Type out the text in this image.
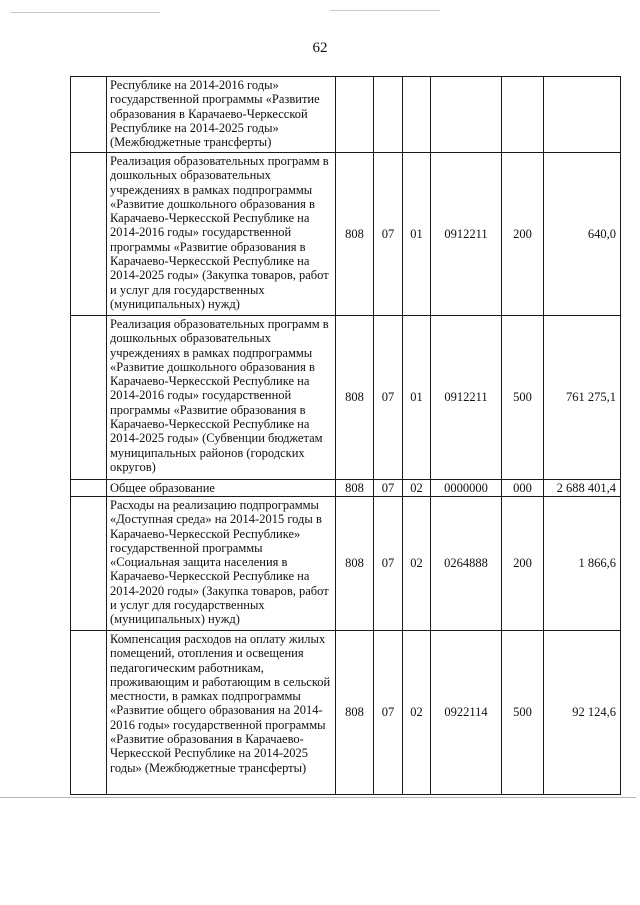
62
	Республике на 2014-2016 годы» государственной программы «Развитие образования в Карачаево-Черкесской Республике на 2014-2025 годы» (Межбюджетные трансферты)						
	Реализация образовательных программ в дошкольных образовательных учреждениях в рамках подпрограммы «Развитие дошкольного образования в Карачаево-Черкесской Республике на 2014-2016 годы» государственной программы «Развитие образования в Карачаево-Черкесской Республике на 2014-2025 годы» (Закупка товаров, работ и услуг для государственных (муниципальных) нужд)	808	07	01	0912211	200	640,0
	Реализация образовательных программ в дошкольных образовательных учреждениях в рамках подпрограммы «Развитие дошкольного образования в Карачаево-Черкесской Республике на 2014-2016 годы» государственной программы «Развитие образования в Карачаево-Черкесской Республике на 2014-2025 годы» (Субвенции бюджетам муниципальных районов (городских округов)	808	07	01	0912211	500	761 275,1
	Общее образование	808	07	02	0000000	000	2 688 401,4
	Расходы на реализацию подпрограммы «Доступная среда» на 2014-2015 годы в Карачаево-Черкесской Республике» государственной программы «Социальная защита населения в Карачаево-Черкесской Республике на 2014-2020 годы» (Закупка товаров, работ и услуг для государственных (муниципальных) нужд)	808	07	02	0264888	200	1 866,6
	Компенсация расходов на оплату жилых помещений, отопления и освещения педагогическим работникам, проживающим и работающим в сельской местности, в рамках подпрограммы «Развитие общего образования на 2014-2016 годы» государственной программы «Развитие образования в Карачаево-Черкесской Республике на 2014-2025 годы» (Межбюджетные трансферты)	808	07	02	0922114	500	92 124,6
